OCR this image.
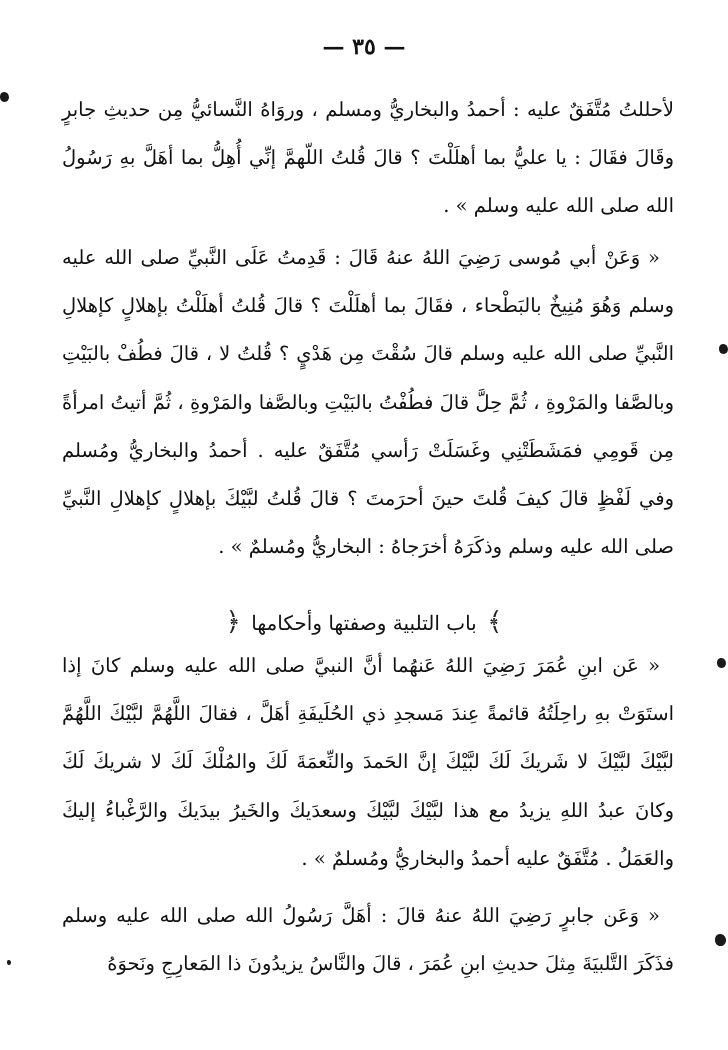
— ٣٥ —

لأحللتُ مُتَّفَقٌ عليه : أحمدُ والبخاريُّ ومسلم ، وروَاهُ النَّسائيُّ مِن حديثِ جابرٍ وقَالَ فقَالَ : يا عليُّ بما أهلَلْتَ ؟ قالَ قُلتُ اللّهمَّ إنِّي أُهِلُّ بما أهَلَّ بهِ رَسُولُ الله صلى الله عليه وسلم » .

« وَعَنْ أبي مُوسى رَضِيَ اللهُ عنهُ قَالَ : قَدِمتُ عَلَى النَّبيِّ صلى الله عليه وسلم وَهُوَ مُنِيخٌ بالبَطْحاء ، فقَالَ بما أهلَلْتَ ؟ قالَ قُلتُ أهلَلْتُ بإهلالٍ كإهلالِ النَّبيِّ صلى الله عليه وسلم قالَ سُقْتَ مِن هَدْيٍ ؟ قُلتُ لا ، قالَ فطُفْ بالبَيْتِ وبالصَّفا والمَرْوةِ ، ثُمَّ حِلَّ قالَ فطُفْتُ بالبَيْتِ وبالصَّفا والمَرْوةِ ، ثُمَّ أتيتُ امرأةً مِن قَومِي فمَشَطَتْنِي وغَسَلَتْ رَأسي مُتَّفَقٌ عليه . أحمدُ والبخاريُّ ومُسلم وفي لَفْظٍ قالَ كيفَ قُلتَ حينَ أحرَمتَ ؟ قالَ قُلتُ لبَّيْكَ بإهلالٍ كإهلالِ النَّبيِّ صلى الله عليه وسلم وذكَرَهُ أخرَجاهُ : البخاريُّ ومُسلمٌ » .

﴾ باب التلبية وصفتها وأحكامها ﴿

« عَن ابنِ عُمَرَ رَضِيَ اللهُ عَنهُما أنَّ النبيَّ صلى الله عليه وسلم كانَ إذا استَوَتْ بهِ راحِلَتُهُ قائمةً عِندَ مَسجدِ ذي الحُلَيفَةِ أهَلَّ ، فقالَ اللَّهُمَّ لبَّيْكَ اللَّهُمَّ لبَّيْكَ لبَّيْكَ لا شَريكَ لَكَ لبَّيْكَ إنَّ الحَمدَ والنِّعمَةَ لَكَ والمُلْكَ لَكَ لا شريكَ لَكَ وكانَ عبدُ اللهِ يزيدُ مع هذا لبَّيْكَ لبَّيْكَ وسعدَيكَ والخَيرُ بيدَيكَ والرَّغْباءُ إليكَ والعَمَلُ . مُتَّفَقٌ عليه أحمدُ والبخاريُّ ومُسلمٌ » .

« وَعَن جابرٍ رَضِيَ اللهُ عنهُ قالَ : أهَلَّ رَسُولُ الله صلى الله عليه وسلم فذَكَرَ التَّلبيَةَ مِثلَ حديثِ ابنِ عُمَرَ ، قالَ والنَّاسُ يزيدُونَ ذا المَعارِجِ ونَحوَهُ
